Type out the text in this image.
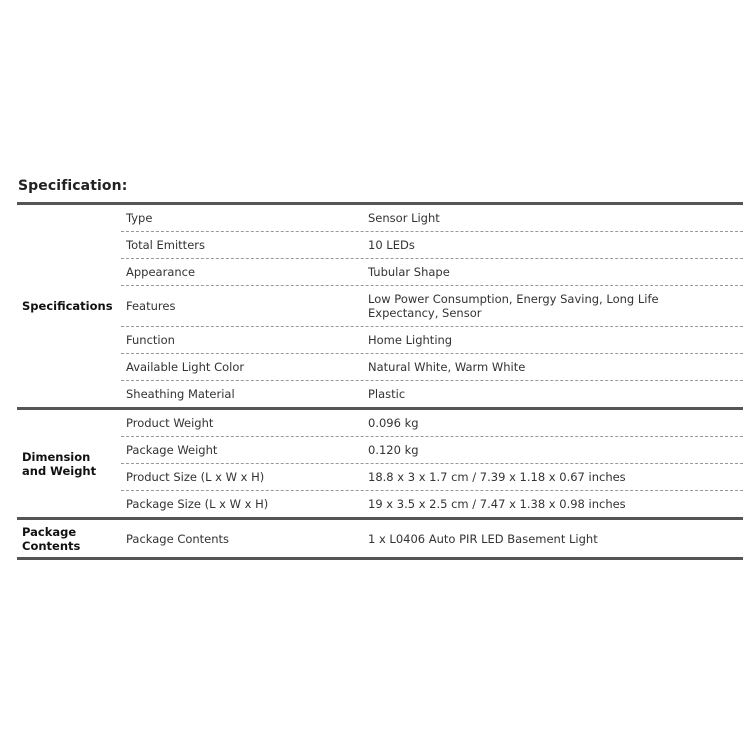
Specification:
Specifications
Type	Sensor Light
Total Emitters	10 LEDs
Appearance	Tubular Shape
Features	Low Power Consumption, Energy Saving, Long Life Expectancy, Sensor
Function	Home Lighting
Available Light Color	Natural White, Warm White
Sheathing Material	Plastic
Dimension and Weight
Product Weight	0.096 kg
Package Weight	0.120 kg
Product Size (L x W x H)	18.8 x 3 x 1.7 cm / 7.39 x 1.18 x 0.67 inches
Package Size (L x W x H)	19 x 3.5 x 2.5 cm / 7.47 x 1.38 x 0.98 inches
Package Contents	Package Contents	1 x L0406 Auto PIR LED Basement Light
